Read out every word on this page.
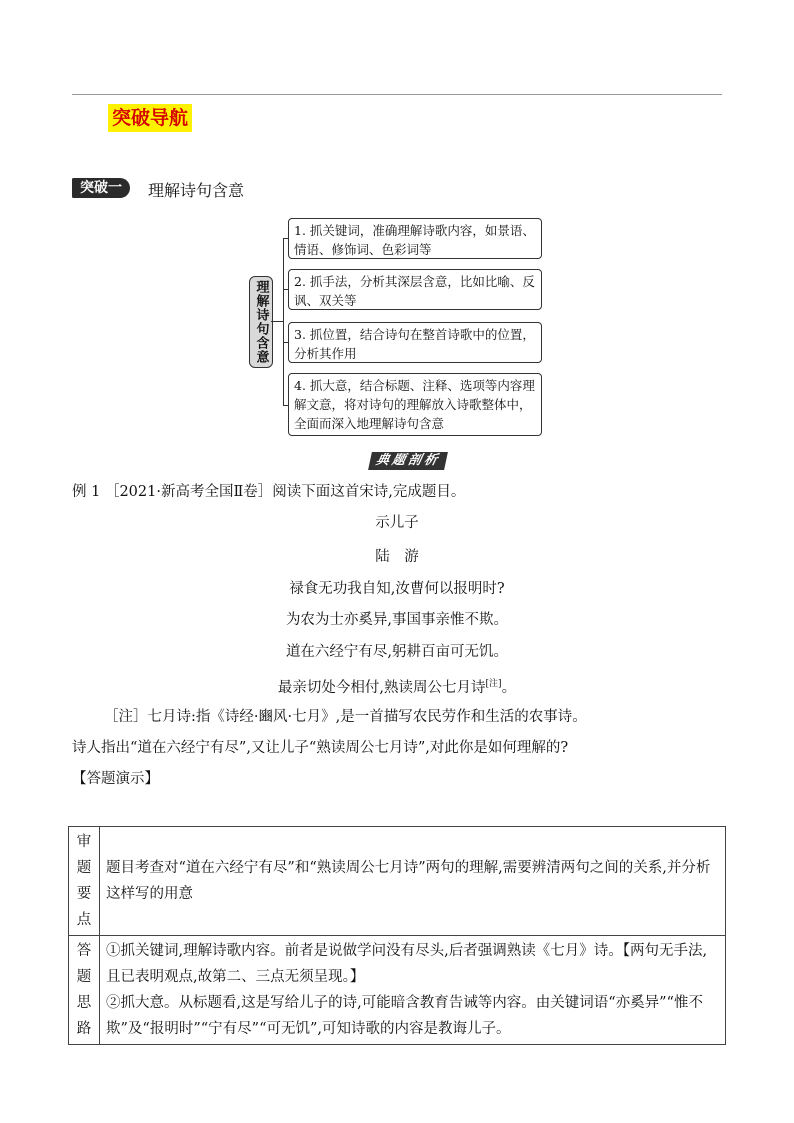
突破导航
突破一	理解诗句含意
理解诗句含意
1. 抓关键词，准确理解诗歌内容，如景语、情语、修饰词、色彩词等
2. 抓手法，分析其深层含意，比如比喻、反讽、双关等
3. 抓位置，结合诗句在整首诗歌中的位置，分析其作用
4. 抓大意，结合标题、注释、选项等内容理解文意，将对诗句的理解放入诗歌整体中，全面而深入地理解诗句含意
典题剖析
例 1 ［2021·新高考全国Ⅱ卷］阅读下面这首宋诗,完成题目。
示儿子
陆　游
禄食无功我自知,汝曹何以报明时?
为农为士亦奚异,事国事亲惟不欺。
道在六经宁有尽,躬耕百亩可无饥。
最亲切处今相付,熟读周公七月诗[注]。
［注］七月诗:指《诗经·豳风·七月》,是一首描写农民劳作和生活的农事诗。
诗人指出“道在六经宁有尽”,又让儿子“熟读周公七月诗”,对此你是如何理解的?
【答题演示】
审题要点	题目考查对“道在六经宁有尽”和“熟读周公七月诗”两句的理解,需要辨清两句之间的关系,并分析这样写的用意
答题思路	①抓关键词,理解诗歌内容。前者是说做学问没有尽头,后者强调熟读《七月》诗。【两句无手法,且已表明观点,故第二、三点无须呈现。】
②抓大意。从标题看,这是写给儿子的诗,可能暗含教育告诫等内容。由关键词语“亦奚异”“惟不欺”及“报明时”“宁有尽”“可无饥”,可知诗歌的内容是教诲儿子。
